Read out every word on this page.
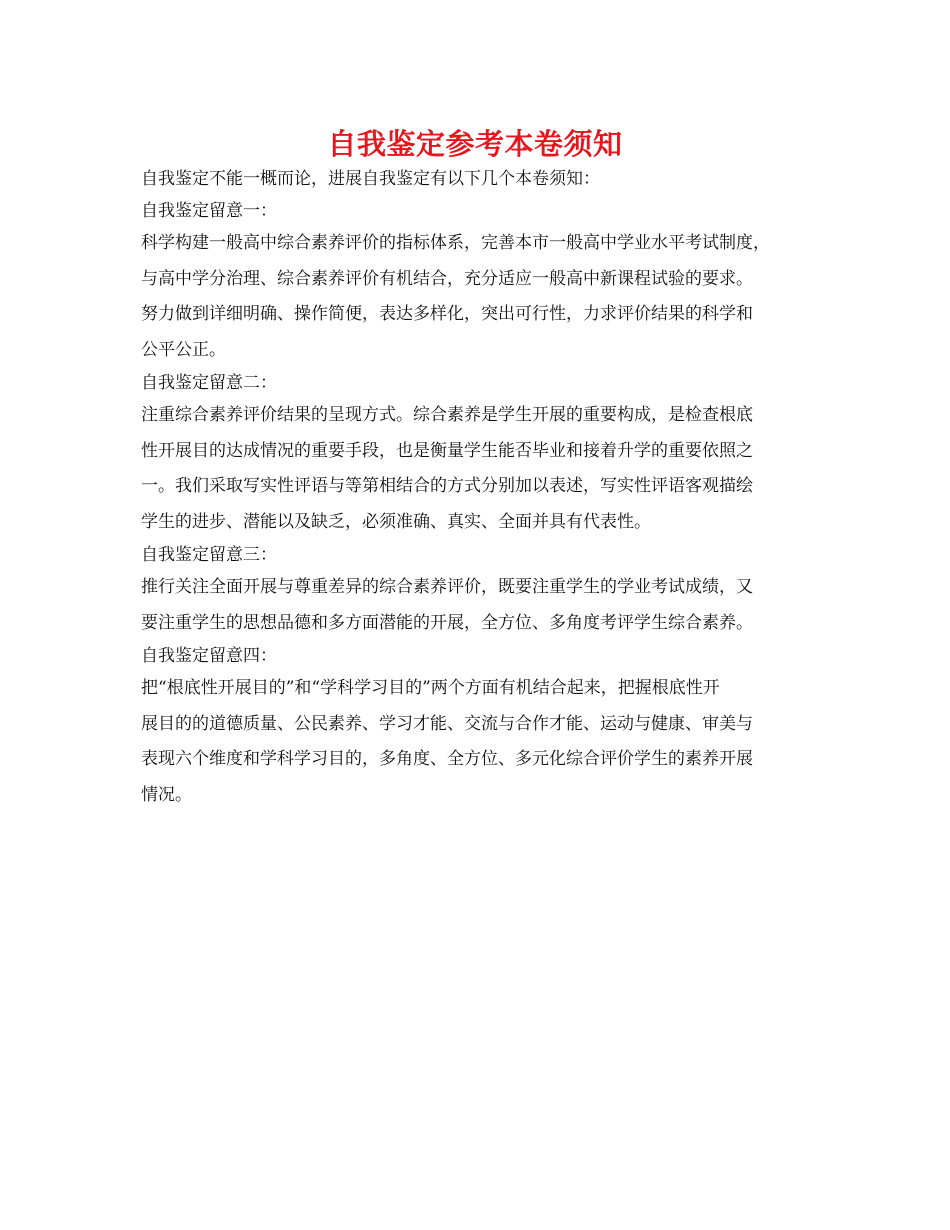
自我鉴定参考本卷须知

自我鉴定不能一概而论，进展自我鉴定有以下几个本卷须知：

自我鉴定留意一：

科学构建一般高中综合素养评价的指标体系，完善本市一般高中学业水平考试制度，

与高中学分治理、综合素养评价有机结合，充分适应一般高中新课程试验的要求。

努力做到详细明确、操作简便，表达多样化，突出可行性，力求评价结果的科学和

公平公正。

自我鉴定留意二：

注重综合素养评价结果的呈现方式。综合素养是学生开展的重要构成，是检查根底

性开展目的达成情况的重要手段，也是衡量学生能否毕业和接着升学的重要依照之

一。我们采取写实性评语与等第相结合的方式分别加以表述，写实性评语客观描绘

学生的进步、潜能以及缺乏，必须准确、真实、全面并具有代表性。

自我鉴定留意三：

推行关注全面开展与尊重差异的综合素养评价，既要注重学生的学业考试成绩，又

要注重学生的思想品德和多方面潜能的开展，全方位、多角度考评学生综合素养。

自我鉴定留意四：

把“根底性开展目的”和“学科学习目的”两个方面有机结合起来，把握根底性开

展目的的道德质量、公民素养、学习才能、交流与合作才能、运动与健康、审美与

表现六个维度和学科学习目的，多角度、全方位、多元化综合评价学生的素养开展

情况。
